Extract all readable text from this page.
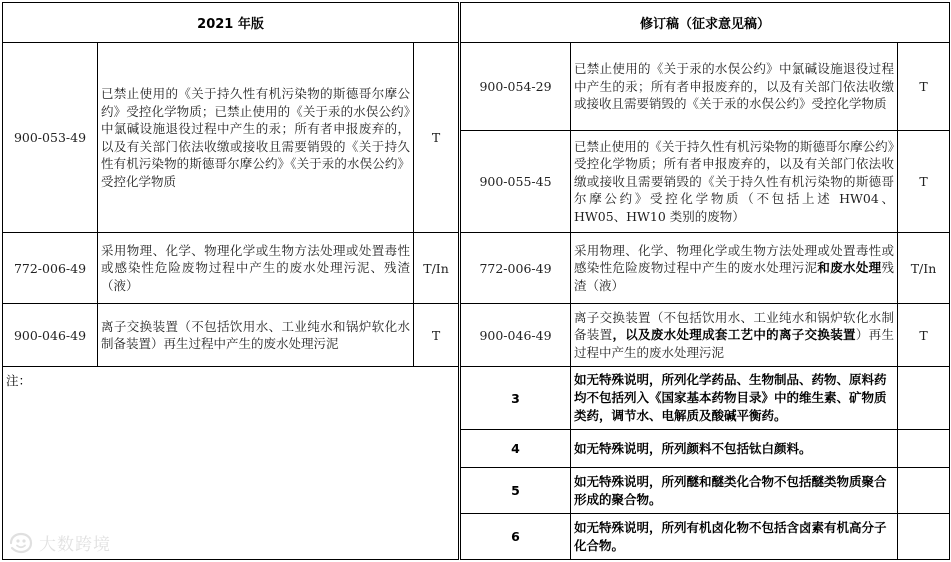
2021 年版		
900-053-49	已禁止使用的《关于持久性有机污染物的斯德哥尔摩公约》受控化学物质；已禁止使用的《关于汞的水俣公约》中氯碱设施退役过程中产生的汞；所有者申报废弃的，以及有关部门依法收缴或接收且需要销毁的《关于持久性有机污染物的斯德哥尔摩公约》《关于汞的水俣公约》受控化学物质	T
772-006-49	采用物理、化学、物理化学或生物方法处理或处置毒性或感染性危险废物过程中产生的废水处理污泥、残渣（液）	T/In
900-046-49	离子交换装置（不包括饮用水、工业纯水和锅炉软化水制备装置）再生过程中产生的废水处理污泥	T
注：		
修订稿（征求意见稿）		
900-054-29	已禁止使用的《关于汞的水俣公约》中氯碱设施退役过程中产生的汞；所有者申报废弃的，以及有关部门依法收缴或接收且需要销毁的《关于汞的水俣公约》受控化学物质	T
900-055-45	已禁止使用的《关于持久性有机污染物的斯德哥尔摩公约》受控化学物质；所有者申报废弃的，以及有关部门依法收缴或接收且需要销毁的《关于持久性有机污染物的斯德哥尔摩公约》受控化学物质（不包括上述 HW04、HW05、HW10 类别的废物）	T
772-006-49	采用物理、化学、物理化学或生物方法处理或处置毒性或感染性危险废物过程中产生的废水处理污泥和废水处理残渣（液）	T/In
900-046-49	离子交换装置（不包括饮用水、工业纯水和锅炉软化水制备装置，以及废水处理成套工艺中的离子交换装置）再生过程中产生的废水处理污泥	T
3	如无特殊说明，所列化学药品、生物制品、药物、原料药均不包括列入《国家基本药物目录》中的维生素、矿物质类药，调节水、电解质及酸碱平衡药。	
4	如无特殊说明，所列颜料不包括钛白颜料。	
5	如无特殊说明，所列醚和醚类化合物不包括醚类物质聚合形成的聚合物。	
6	如无特殊说明，所列有机卤化物不包括含卤素有机高分子化合物。	
大数跨境
